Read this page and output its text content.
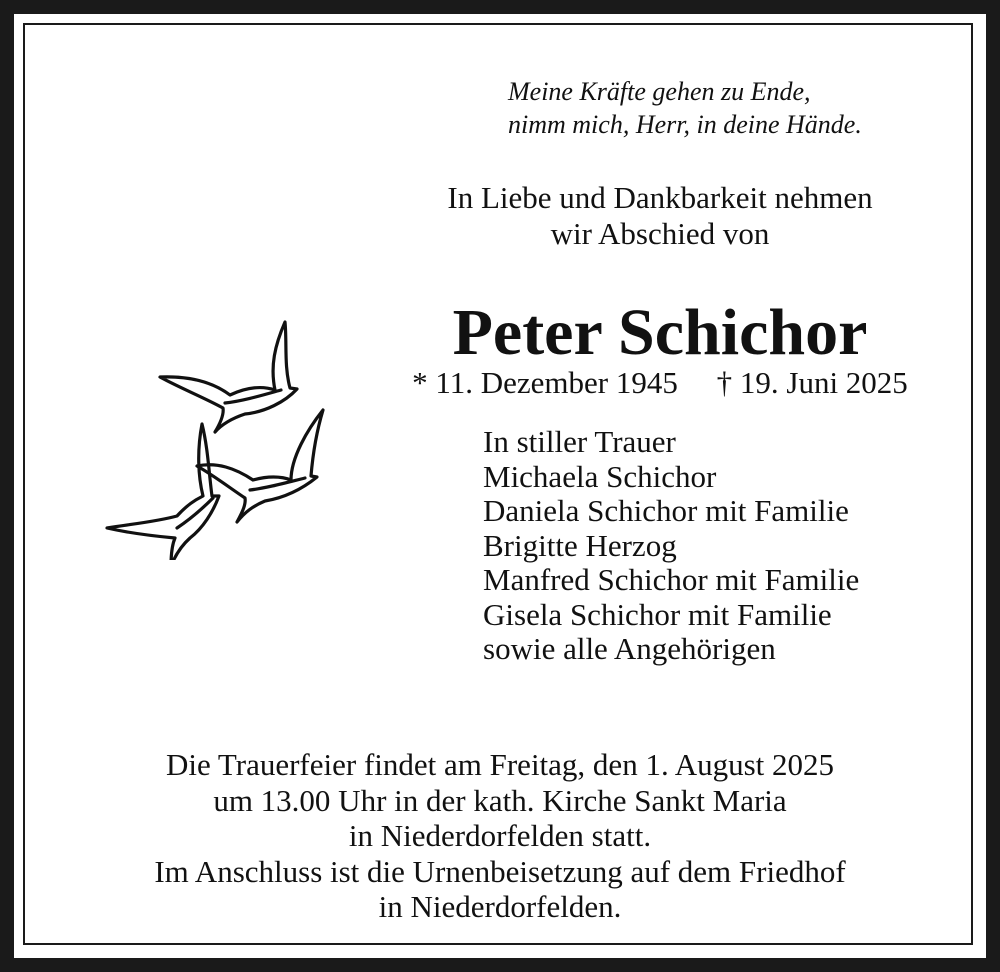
Meine Kräfte gehen zu Ende,
nimm mich, Herr, in deine Hände.
In Liebe und Dankbarkeit nehmen
wir Abschied von
Peter Schichor
* 11. Dezember 1945     † 19. Juni 2025
In stiller Trauer
Michaela Schichor
Daniela Schichor mit Familie
Brigitte Herzog
Manfred Schichor mit Familie
Gisela Schichor mit Familie
sowie alle Angehörigen
Die Trauerfeier findet am Freitag, den 1. August 2025
um 13.00 Uhr in der kath. Kirche Sankt Maria
in Niederdorfelden statt.
Im Anschluss ist die Urnenbeisetzung auf dem Friedhof
in Niederdorfelden.
